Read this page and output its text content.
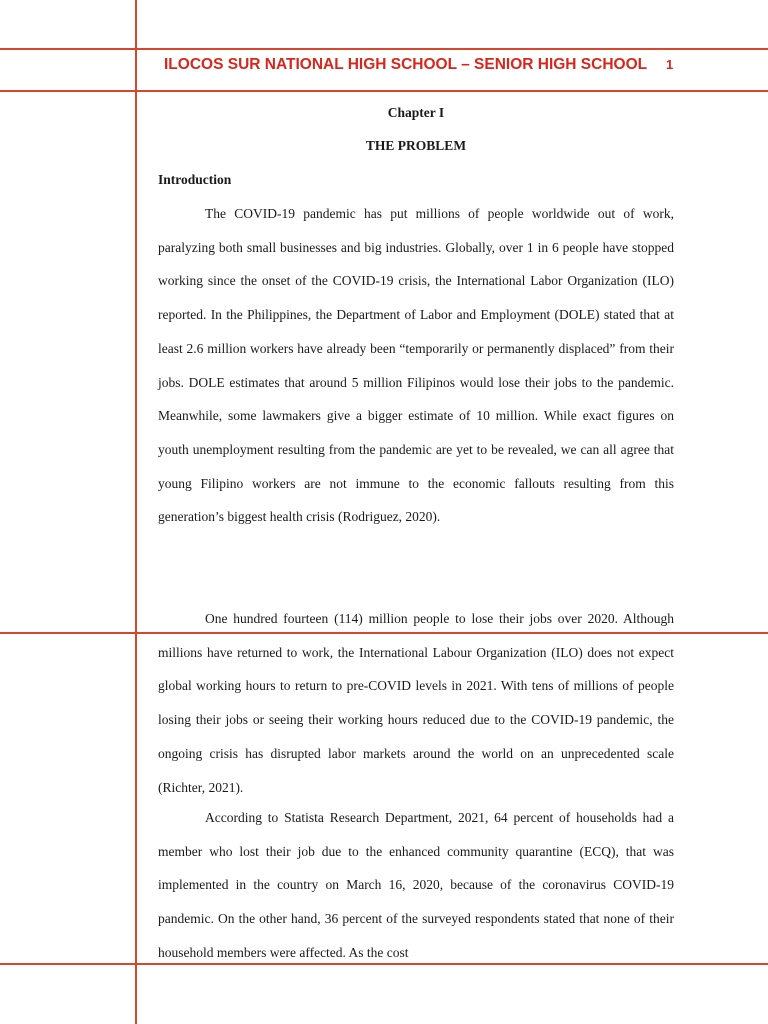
ILOCOS SUR NATIONAL HIGH SCHOOL – SENIOR HIGH SCHOOL 1
Chapter I
THE PROBLEM
Introduction

The COVID-19 pandemic has put millions of people worldwide out of work, paralyzing both small businesses and big industries. Globally, over 1 in 6 people have stopped working since the onset of the COVID-19 crisis, the International Labor Organization (ILO) reported. In the Philippines, the Department of Labor and Employment (DOLE) stated that at least 2.6 million workers have already been “temporarily or permanently displaced” from their jobs. DOLE estimates that around 5 million Filipinos would lose their jobs to the pandemic. Meanwhile, some lawmakers give a bigger estimate of 10 million. While exact figures on youth unemployment resulting from the pandemic are yet to be revealed, we can all agree that young Filipino workers are not immune to the economic fallouts resulting from this generation’s biggest health crisis (Rodriguez, 2020).

One hundred fourteen (114) million people to lose their jobs over 2020. Although millions have returned to work, the International Labour Organization (ILO) does not expect global working hours to return to pre-COVID levels in 2021. With tens of millions of people losing their jobs or seeing their working hours reduced due to the COVID-19 pandemic, the ongoing crisis has disrupted labor markets around the world on an unprecedented scale (Richter, 2021).

According to Statista Research Department, 2021, 64 percent of households had a member who lost their job due to the enhanced community quarantine (ECQ), that was implemented in the country on March 16, 2020, because of the coronavirus COVID-19 pandemic. On the other hand, 36 percent of the surveyed respondents stated that none of their household members were affected. As the cost
